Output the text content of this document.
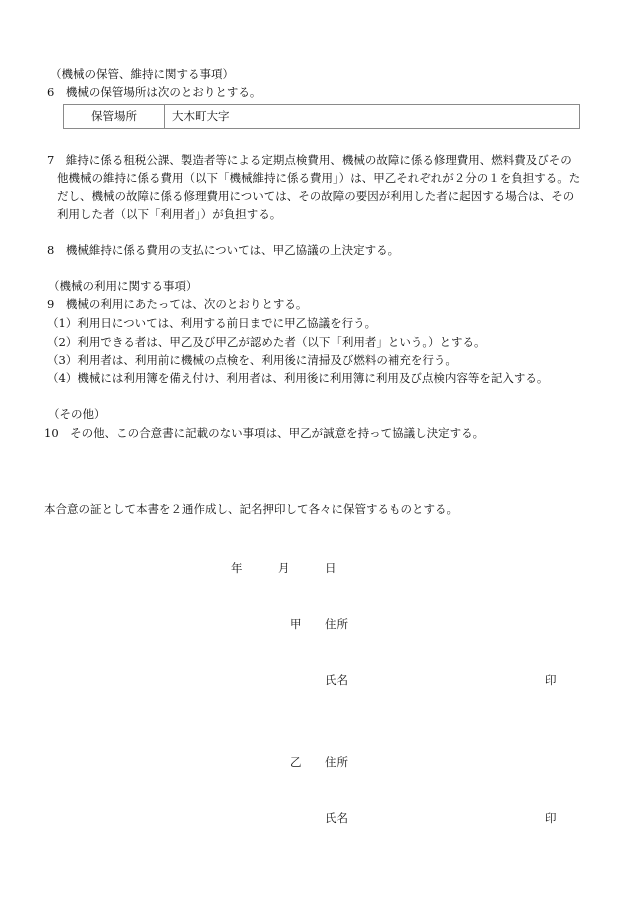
（機械の保管、維持に関する事項）
6　機械の保管場所は次のとおりとする。
保管場所	大木町大字
7　維持に係る租税公課、製造者等による定期点検費用、機械の故障に係る修理費用、燃料費及びその
他機械の維持に係る費用（以下「機械維持に係る費用」）は、甲乙それぞれが２分の１を負担する。た
だし、機械の故障に係る修理費用については、その故障の要因が利用した者に起因する場合は、その
利用した者（以下「利用者」）が負担する。
8　機械維持に係る費用の支払については、甲乙協議の上決定する。
（機械の利用に関する事項）
9　機械の利用にあたっては、次のとおりとする。
（1）利用日については、利用する前日までに甲乙協議を行う。
（2）利用できる者は、甲乙及び甲乙が認めた者（以下「利用者」という。）とする。
（3）利用者は、利用前に機械の点検を、利用後に清掃及び燃料の補充を行う。
（4）機械には利用簿を備え付け、利用者は、利用後に利用簿に利用及び点検内容等を記入する。
（その他）
10　その他、この合意書に記載のない事項は、甲乙が誠意を持って協議し決定する。
本合意の証として本書を２通作成し、記名押印して各々に保管するものとする。
年	月	日
甲 住所
氏名	印
乙 住所
氏名	印
